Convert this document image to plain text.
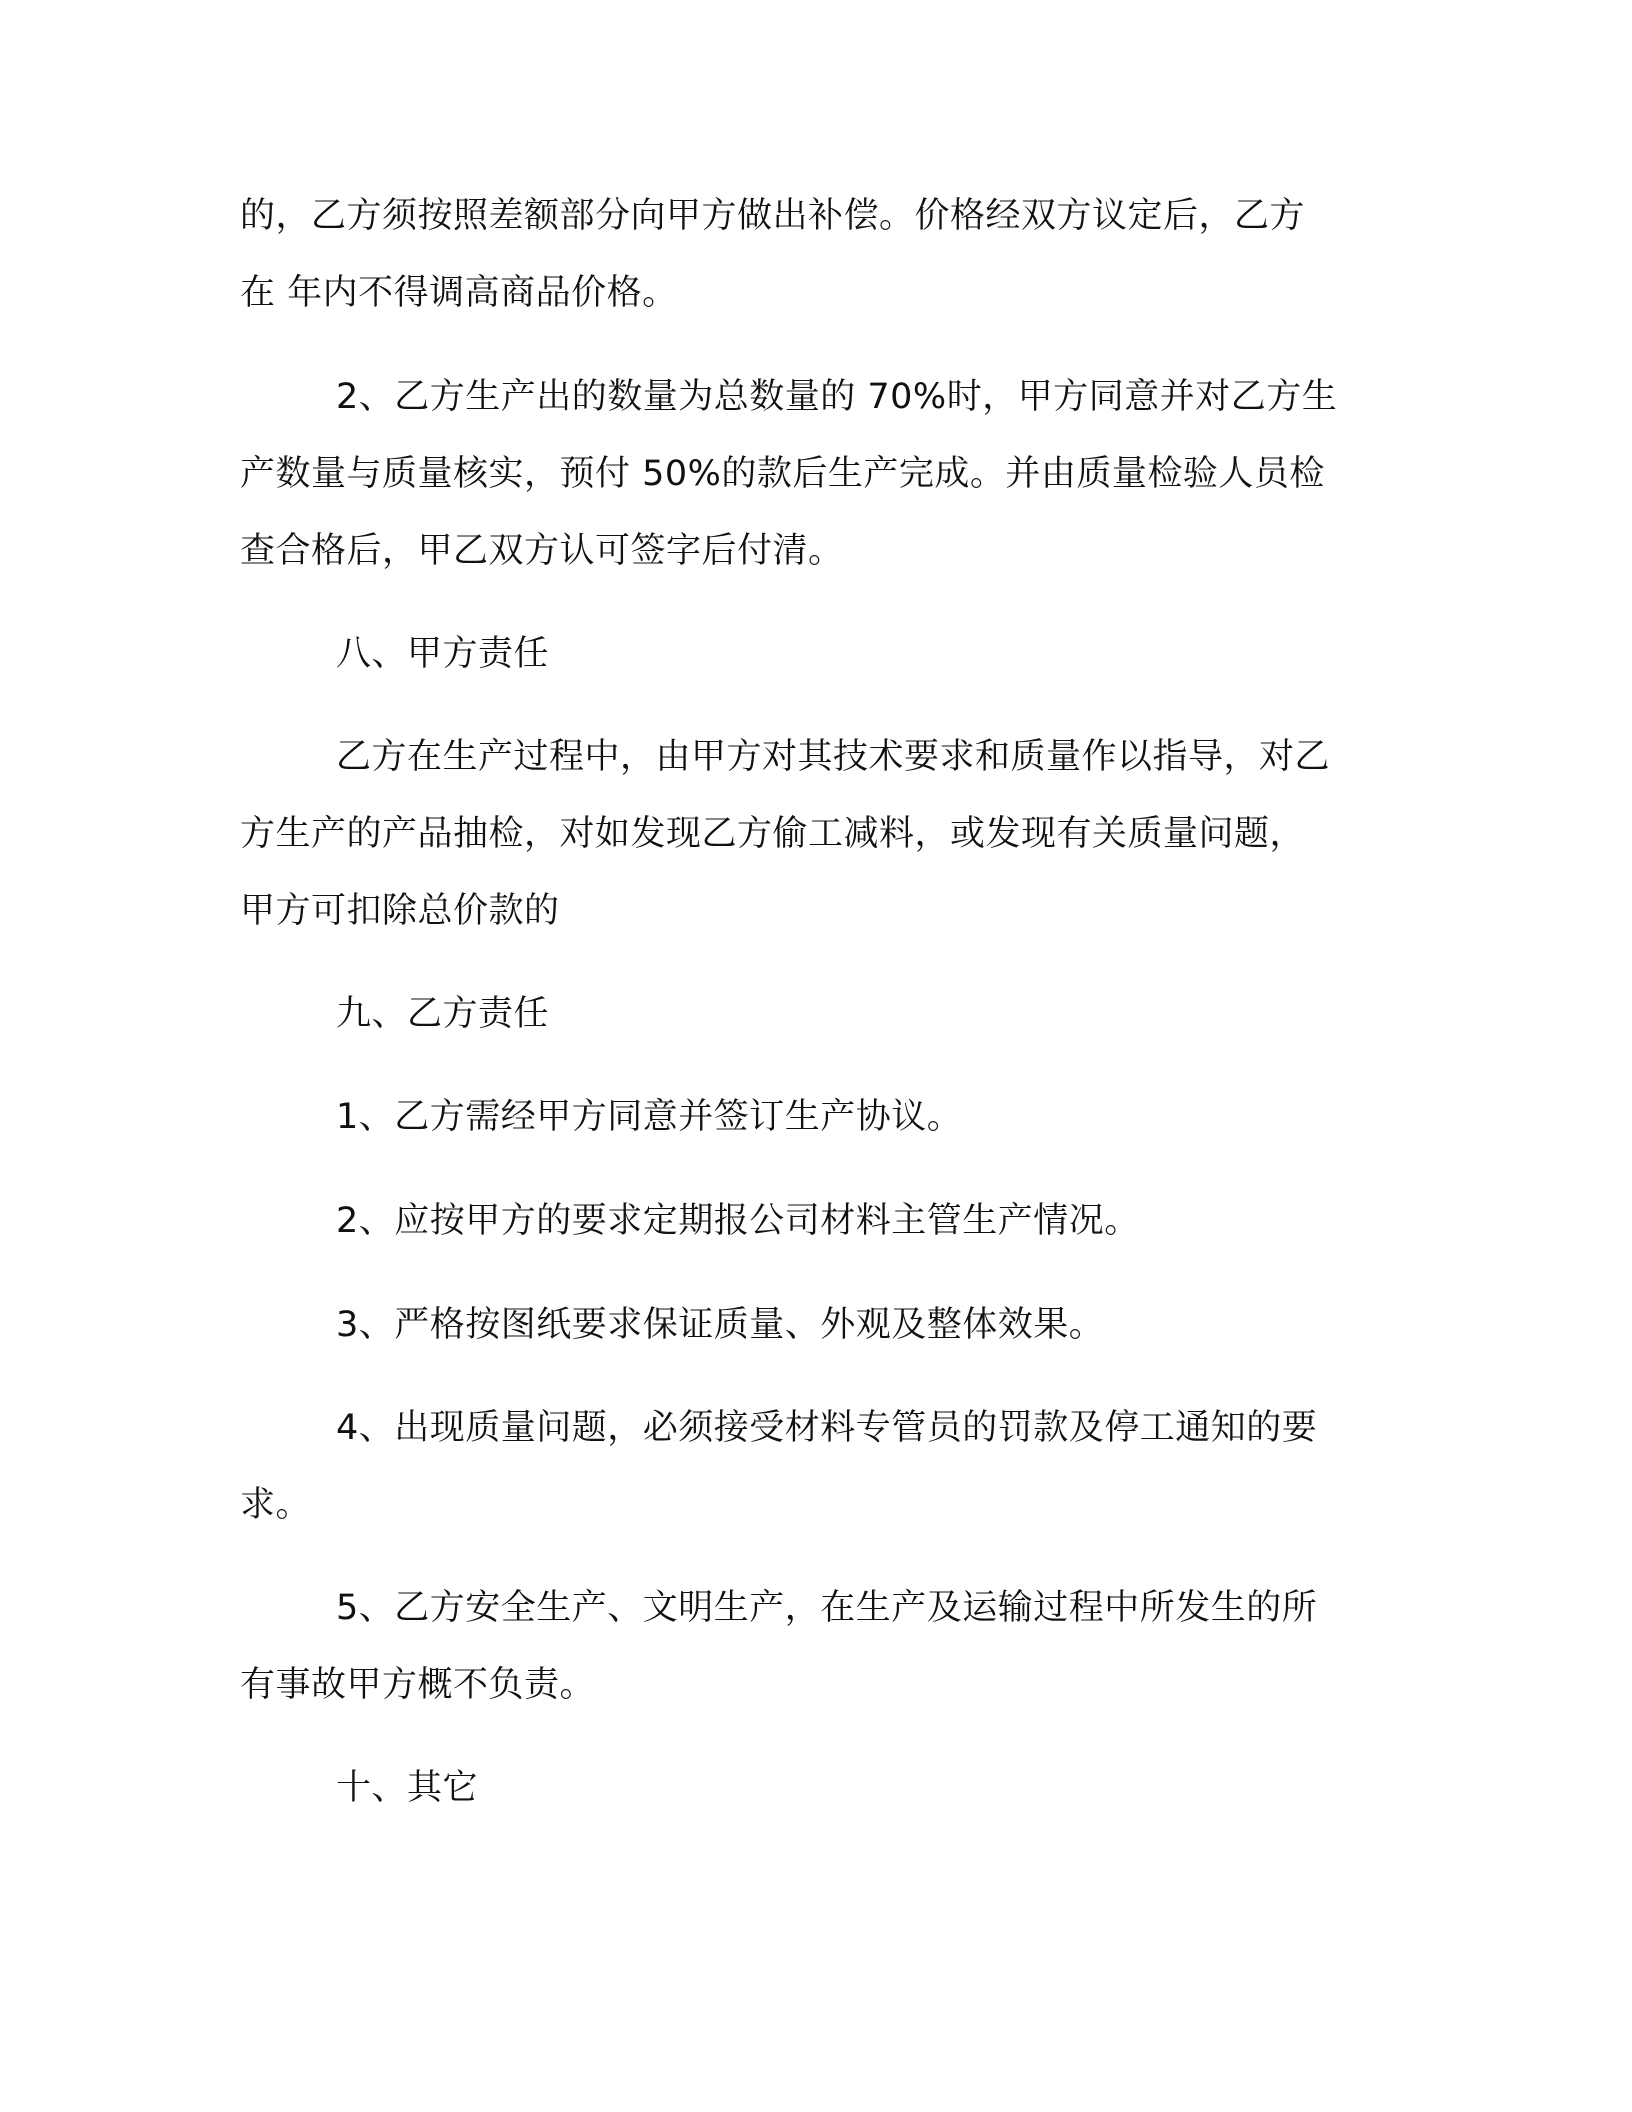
的，乙方须按照差额部分向甲方做出补偿。价格经双方议定后，乙方
在 年内不得调高商品价格。

2、乙方生产出的数量为总数量的 70%时，甲方同意并对乙方生
产数量与质量核实，预付 50%的款后生产完成。并由质量检验人员检
查合格后，甲乙双方认可签字后付清。

八、甲方责任

乙方在生产过程中，由甲方对其技术要求和质量作以指导，对乙
方生产的产品抽检，对如发现乙方偷工减料，或发现有关质量问题，
甲方可扣除总价款的

九、乙方责任

1、乙方需经甲方同意并签订生产协议。

2、应按甲方的要求定期报公司材料主管生产情况。

3、严格按图纸要求保证质量、外观及整体效果。

4、出现质量问题，必须接受材料专管员的罚款及停工通知的要
求。

5、乙方安全生产、文明生产，在生产及运输过程中所发生的所
有事故甲方概不负责。

十、其它
